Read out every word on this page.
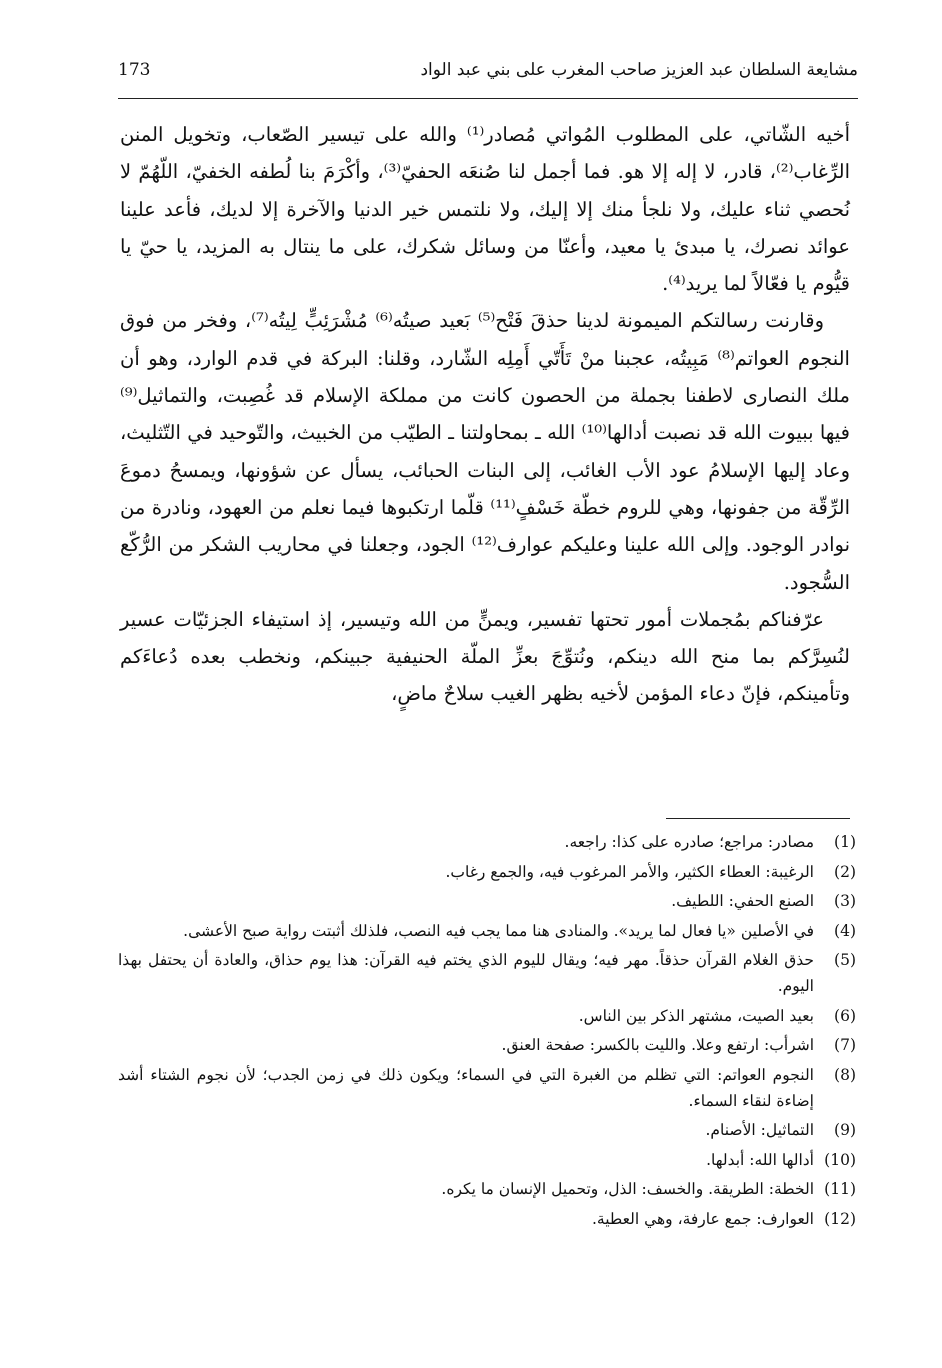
مشايعة السلطان عبد العزيز صاحب المغرب على بني عبد الواد
173

أخيه الشّاتي، على المطلوب المُواتي مُصادر⁽¹⁾ والله على تيسير الصّعاب، وتخويل المنن الرِّغاب⁽²⁾، قادر، لا إله إلا هو. فما أجمل لنا صُنعَه الحفيّ⁽³⁾، وأكْرَمَ بنا لُطفه الخفيّ، اللّهُمّ لا نُحصي ثناء عليك، ولا نلجأ منك إلا إليك، ولا نلتمس خير الدنيا والآخرة إلا لديك، فأعد علينا عوائد نصرك، يا مبدئ يا معيد، وأعنّا من وسائل شكرك، على ما ينتال به المزيد، يا حيّ يا قيُّوم يا فعّالاً لما يريد⁽⁴⁾.

وقارنت رسالتكم الميمونة لدينا حذقَ فَتْح⁽⁵⁾ بَعيد صيتُه⁽⁶⁾ مُشْرَئِبٍّ لِيتُه⁽⁷⁾، وفخر من فوق النجوم العواتم⁽⁸⁾ مَبِيتُه، عجبنا منْ تَأَتّي أَمِلِه الشّارد، وقلنا: البركة في قدم الوارد، وهو أن ملك النصارى لاطفنا بجملة من الحصون كانت من مملكة الإسلام قد غُصِبت، والتماثيل⁽⁹⁾ فيها ببيوت الله قد نصبت أدالها⁽¹⁰⁾ الله ـ بمحاولتنا ـ الطيّب من الخبيث، والتّوحيد في التّثليث، وعاد إليها الإسلامُ عود الأب الغائب، إلى البنات الحبائب، يسأل عن شؤونها، ويمسحُ دموعَ الرِّقّة من جفونها، وهي للروم خطّة خَسْفٍ⁽¹¹⁾ قلّما ارتكبوها فيما نعلم من العهود، ونادرة من نوادر الوجود. وإلى الله علينا وعليكم عوارف⁽¹²⁾ الجود، وجعلنا في محاريب الشكر من الرُّكّع السُّجود.

عرّفناكم بمُجملات أمور تحتها تفسير، ويمنٍّ من الله وتيسير، إذ استيفاء الجزئيّات عسير لنُسِرَّكم بما منح الله دينكم، ونُتوِّجَ بعزِّ الملّة الحنيفية جبينكم، ونخطب بعده دُعاءَكم وتأمينكم، فإنّ دعاء المؤمن لأخيه بظهر الغيب سلاحٌ ماضٍ،

(1)
مصادر: مراجع؛ صادره على كذا: راجعه.
(2)
الرغيبة: العطاء الكثير، والأمر المرغوب فيه، والجمع رغاب.
(3)
الصنع الحفي: اللطيف.
(4)
في الأصلين «يا فعال لما يريد». والمنادى هنا مما يجب فيه النصب، فلذلك أثبتت رواية صبح الأعشى.
(5)
حذق الغلام القرآن حذقاً. مهر فيه؛ ويقال لليوم الذي يختم فيه القرآن: هذا يوم حذاق، والعادة أن يحتفل بهذا اليوم.
(6)
بعيد الصيت، مشتهر الذكر بين الناس.
(7)
اشرأب: ارتفع وعلا. والليت بالكسر: صفحة العنق.
(8)
النجوم العواتم: التي تظلم من الغبرة التي في السماء؛ ويكون ذلك في زمن الجدب؛ لأن نجوم الشتاء أشد إضاءة لنقاء السماء.
(9)
التماثيل: الأصنام.
(10)
أدالها الله: أبدلها.
(11)
الخطة: الطريقة. والخسف: الذل، وتحميل الإنسان ما يكره.
(12)
العوارف: جمع عارفة، وهي العطية.
